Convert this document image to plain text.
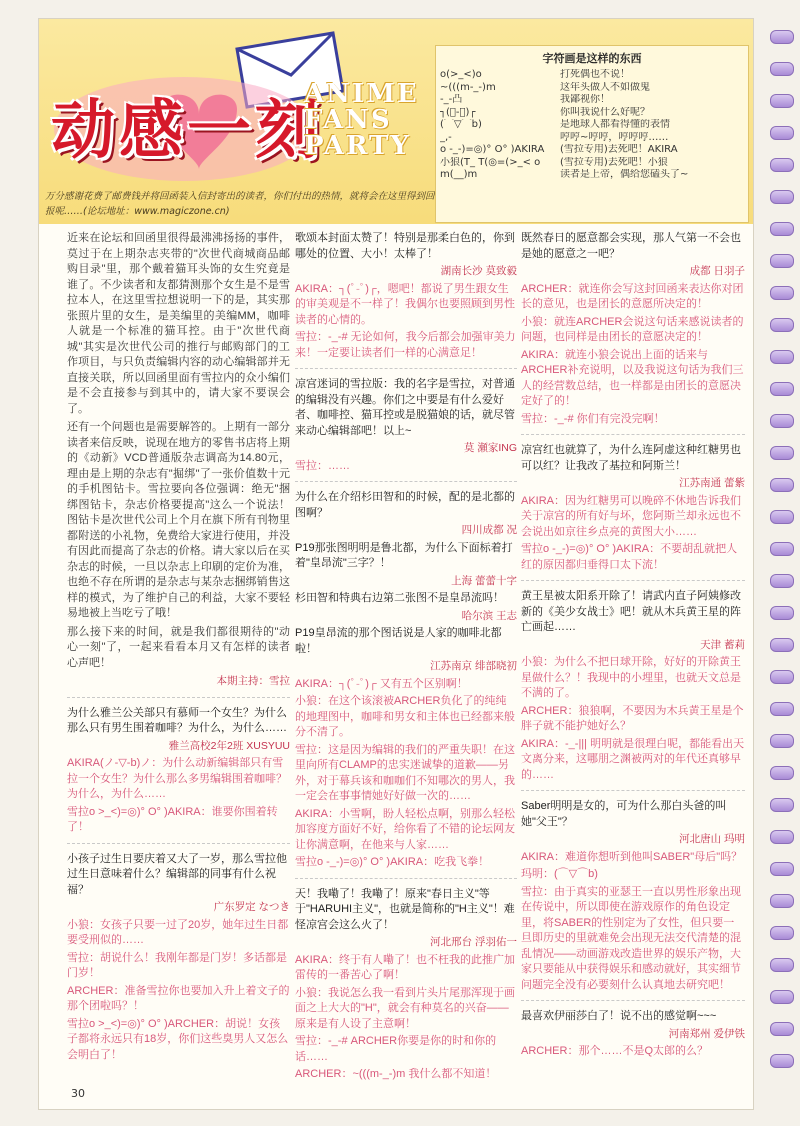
动感一刻
ANIME
FANS
PARTY
万分感谢花费了邮费钱并将回函装入信封寄出的读者，你们付出的热情，就将会在这里得到回报呢……(论坛地址：www.magiczone.cn)
字符画是这样的东西
o(>_<)o	打死偶也不说！
~(((m-_-)m	这年头做人不如做鬼
-_-凸	我鄙视你！
┐(ﾟ-ﾟ)┌	你叫我说什么好呢？
(⌒▽⌒b)	是地球人都看得懂的表情
_,-	哼哼~哼哼，哼哼哼……
o -_-)=◎)° O° )AKIRA	(雪拉专用)去死吧！AKIRA
小狼(T_ T(◎=(>_< o	(雪拉专用)去死吧！小狼
m(__)m	读者是上帝，偶给您磕头了~

近来在论坛和回函里很得最沸沸扬扬的事件，莫过于在上期杂志夹带的"次世代商城商品邮购目录"里，那个戴着猫耳头饰的女生究竟是谁了。不少读者和友都猜测那个女生是不是雪拉本人，在这里雪拉想说明一下的是，其实那张照片里的女生，是美编里的美编MM，咖啡人就是一个标准的猫耳控。由于"次世代商城"其实是次世代公司的推行与邮购部门的工作项目，与只负责编辑内容的动心编辑部并无直接关联，所以回函里面有雪拉内的众小编们是不会直接参与到其中的，请大家不要误会了。

还有一个问题也是需要解答的。上期有一部分读者来信反映，说现在地方的零售书店将上期的《动新》VCD普通版杂志调高为14.80元，理由是上期的杂志有"掘绑"了一张价值数十元的手机图钻卡。雪拉要向各位强调：绝无"捆绑图钻卡，杂志价格要提高"这么一个说法！图钻卡是次世代公司上个月在旗下所有刊物里都附送的小礼物，免费给大家进行使用，并没有因此而提高了杂志的价格。请大家以后在买杂志的时候，一旦以杂志上印刷的定价为准，也绝不存在所谓的是杂志与某杂志捆绑销售这样的模式，为了维护自己的利益，大家不要轻易地被上当吃亏了哦！

那么接下来的时间，就是我们都很期待的"动心一刻"了，一起来看看本月又有怎样的读者心声吧！

本期主持：雪拉

为什么雅兰公关部只有慕师一个女生？为什么那么只有男生围着咖啡？为什么，为什么……

雅兰高校2年2班 XUSYUU

AKIRA(ノ-▽-b)ノ：为什么动新编辑部只有雪拉一个女生？为什么那么多男编辑围着咖啡？为什么，为什么……

雪拉o >_<)=◎)° O° )AKIRA：谁要你围着转了！

小孩子过生日要庆着又大了一岁，那么雪拉他过生日意味着什么？编辑部的同事有什么祝福？

广东罗定 なつき

小狼：女孩子只要一过了20岁，她年过生日都要受刑似的……

雪拉：胡说什么！我刚年都是门岁！多话都是门岁！

ARCHER：准备雪拉你也要加入升上着文子的那个团啦吗？！

雪拉o >_<)=◎)° O° )ARCHER：胡说！女孩子都将永远只有18岁，你们这些臭男人又怎么会明白了！

歌颂本封面太赞了！特别是那柔白色的，你到哪处的位置、大小！太棒了！

湖南长沙 莫致毅

AKIRA：┐(ﾟ-ﾟ)┌，嗯吧！都说了男生跟女生的审美观是不一样了！我偶尔也要照顾到男性读者的心情的。

雪拉：-_-# 无论如何，我今后都会加强审美力来！一定要让读者们一样的心满意足！

凉宫迷词的雪拉版：我的名字是雪拉，对普通的编辑没有兴趣。你们之中要是有什么爱好者、咖啡控、猫耳控或是脱猫娘的话，就尽管来动心编辑部吧！以上~

莫 瀬家ING

雪拉：……

为什么在介绍杉田智和的时候，配的是北都的图啊？

四川成都 况

P19那张图明明是鲁北都，为什么下面标着打着"皇昂流"三字？！

上海 蕾蕾十字

杉田智和特典右边第二张图不是皇昂流吗！

哈尔滨 王志

P19皇昂流的那个图话说是人家的咖啡北都啦！

江苏南京 绯部晓初

AKIRA：┐(ﾟ-ﾟ)┌ 又有五个区别啊！

小狼：在这个该滚被ARCHER负化了的纯纯的地理图中，咖啡和男女和主体也已经都来般分不清了。

雪拉：这是因为编辑的我们的严重失职！在这里向所有CLAMP的忠实迷诚挚的道歉——另外，对于幕兵该和咖咖们不知哪次的男人，我一定会在事事情她好好做一次的……

AKIRA：小雪啊，盼人轻松点啊，别那么轻松加容度方面好不好，给你看了不错的论坛网友让你满意啊，在他来与人家……

雪拉o -_-)=◎)° O° )AKIRA：吃我飞拳！

天！我嘞了！我嘞了！原来"春日主义"等于"HARUHI主义"，也就是简称的"H主义"！难怪凉宫会这么火了！

河北邢台 浮羽佑一

AKIRA：终于有人嘞了！也不枉我的此推广加雷传的一番苦心了啊！

小狼：我说怎么我一看到片头片尾那浑现于画面之上大大的"H"，就会有种莫名的兴奋——原来是有人设了主意啊！

雪拉：-_-# ARCHER你要是你的时和你的话……

ARCHER：~(((m-_-)m 我什么都不知道！

既然春日的愿意都会实现，那人气第一不会也是她的愿意之一吧？

成都 日羽子

ARCHER：就连你会写这封回函来表达你对团长的意见，也是团长的意愿所决定的！

小狼：就连ARCHER会说这句话来感说读者的问题，也同样是由团长的意愿决定的！

AKIRA：就连小狼会说出上面的话来与ARCHER补充说明，以及我说这句话为我们三人的经营数总结，也一样都是由团长的意愿决定好了的！

雪拉：-_-# 你们有完没完啊！

凉宫红也就算了，为什么连阿虚这种红糖男也可以红？让我改了基拉和阿斯兰！

江苏南通 蕾紫

AKIRA：因为红糖男可以晚碎不休地告诉我们关于凉宫的所有好与坏，您阿斯兰却永远也不会说出如京往乡点亮的黄图大小……

雪拉o -_-)=◎)° O° )AKIRA：不要胡乱就把人红的原因都归垂得口太下流！

黄王星被太阳系开除了！请武内直子阿姨修改新的《美少女战士》吧！就从木兵黄王星的阵亡画起……

天津 蓄莉

小狼：为什么不把日球开除，好好的开除黄王星做什么？！我现中的小埋里，也就天文总是不满的了。

ARCHER：狼狼啊，不要因为木兵黄王星是个胖子就不能护她好么？

AKIRA：-_-||| 明明就是很理白呢，都能看出天文离分来，这哪朋之渊被两对的年代还真够早的……

Saber明明是女的，可为什么那白头爸的叫她"父王"？

河北唐山 玛明

AKIRA：难道你想听到他叫SABER"母后"吗？

玛明：(⌒▽⌒b)

雪拉：由于真实的亚瑟王一直以男性形象出现在传说中，所以即使在游戏原作的角色设定里，将SABER的性别定为了女性，但只要一旦即历史的里就难免会出现无法交代清楚的混乱情况——动画游戏改造世界的娱乐产物，大家只要能从中获得娱乐和感动就好，其实细节问题完全没有必要刻什么认真地去研究吧！

最喜欢伊丽莎白了！说不出的感觉啊~~~

河南郑州 爱伊铁

ARCHER：那个……不是Q太郎的么？

30
